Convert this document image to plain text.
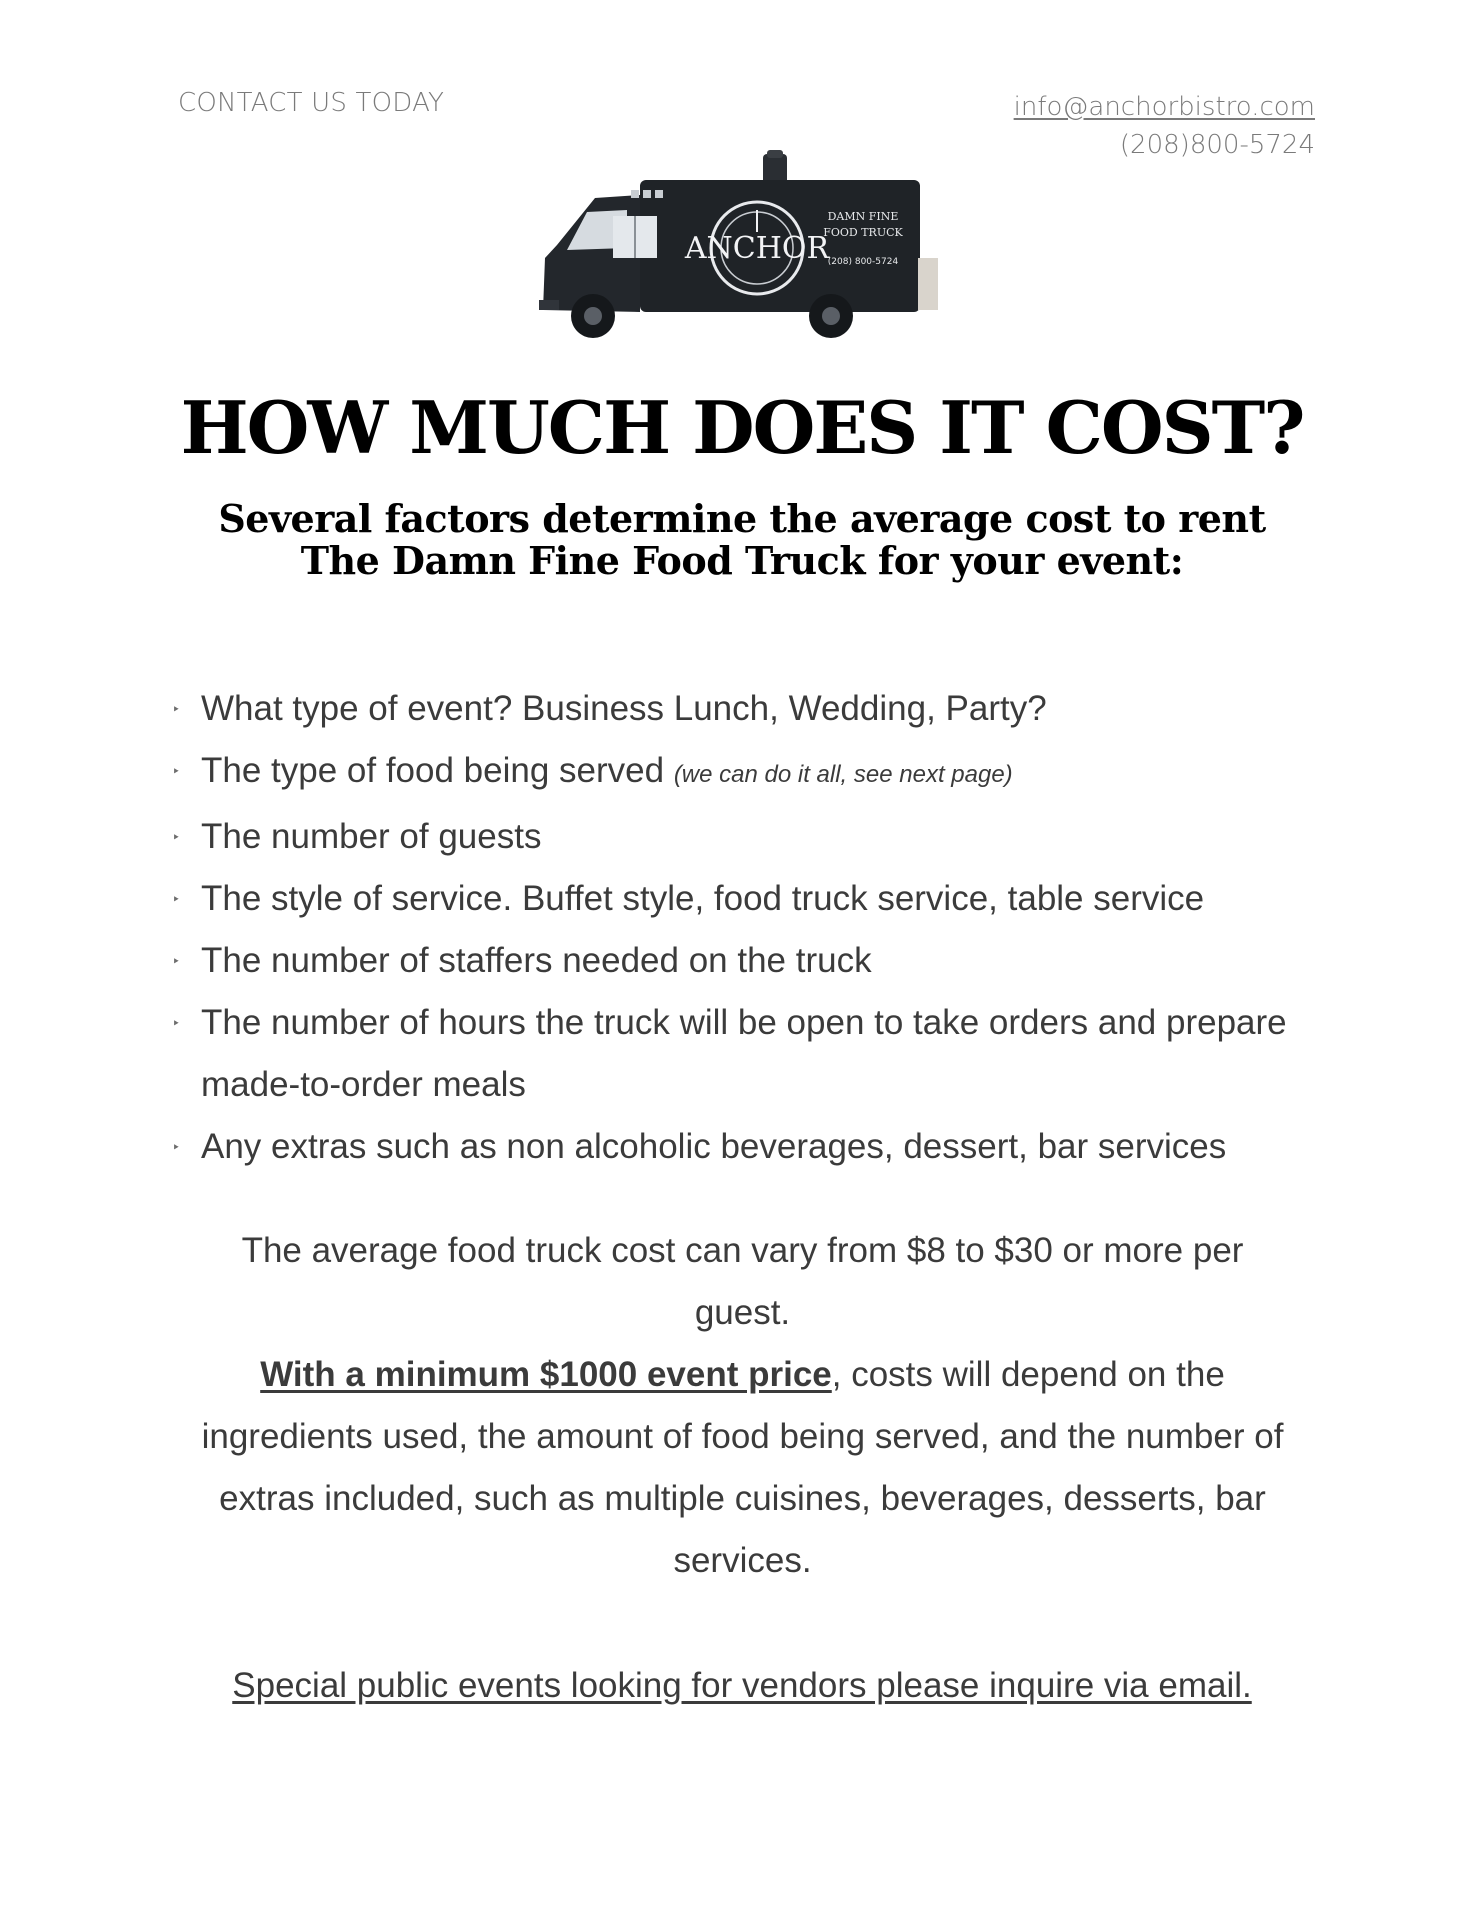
CONTACT US TODAY	info@anchorbistro.com
(208)800-5724
ANCHOR
DAMN FINE
FOOD TRUCK
(208) 800-5724
HOW MUCH DOES IT COST?
Several factors determine the average cost to rent
The Damn Fine Food Truck for your event:
‣ What type of event? Business Lunch, Wedding, Party?
‣ The type of food being served (we can do it all, see next page)
‣ The number of guests
‣ The style of service. Buffet style, food truck service, table service
‣ The number of staffers needed on the truck
‣ The number of hours the truck will be open to take orders and prepare made-to-order meals
‣ Any extras such as non alcoholic beverages, dessert, bar services

The average food truck cost can vary from $8 to $30 or more per guest.

With a minimum $1000 event price, costs will depend on the ingredients used, the amount of food being served, and the number of extras included, such as multiple cuisines, beverages, desserts, bar services.

Special public events looking for vendors please inquire via email.
